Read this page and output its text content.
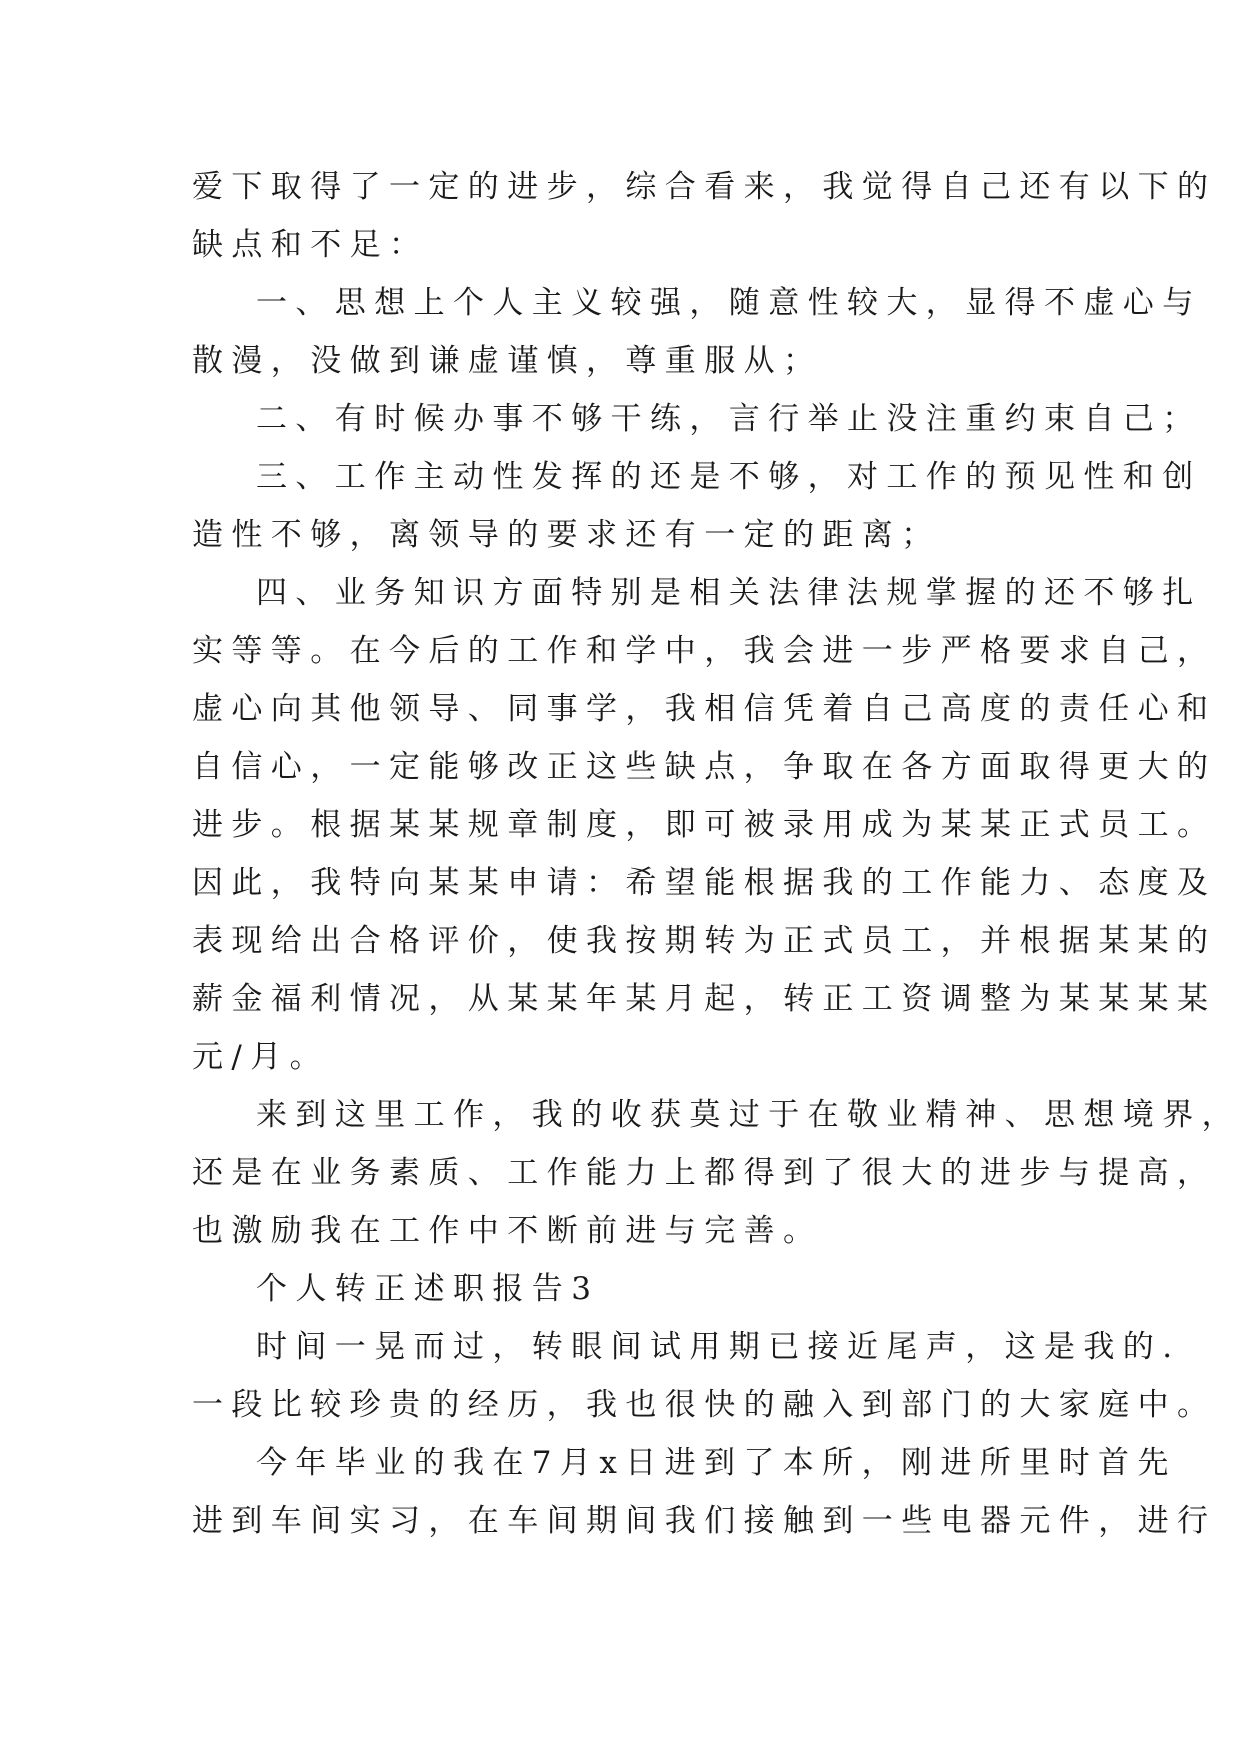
爱下取得了一定的进步，综合看来，我觉得自己还有以下的
缺点和不足：
一、思想上个人主义较强，随意性较大，显得不虚心与
散漫，没做到谦虚谨慎，尊重服从；
二、有时候办事不够干练，言行举止没注重约束自己；
三、工作主动性发挥的还是不够，对工作的预见性和创
造性不够，离领导的要求还有一定的距离；
四、业务知识方面特别是相关法律法规掌握的还不够扎
实等等。在今后的工作和学中，我会进一步严格要求自己，
虚心向其他领导、同事学，我相信凭着自己高度的责任心和
自信心，一定能够改正这些缺点，争取在各方面取得更大的
进步。根据某某规章制度，即可被录用成为某某正式员工。
因此，我特向某某申请：希望能根据我的工作能力、态度及
表现给出合格评价，使我按期转为正式员工，并根据某某的
薪金福利情况，从某某年某月起，转正工资调整为某某某某
元/月。
来到这里工作，我的收获莫过于在敬业精神、思想境界，
还是在业务素质、工作能力上都得到了很大的进步与提高，
也激励我在工作中不断前进与完善。
个人转正述职报告3
时间一晃而过，转眼间试用期已接近尾声，这是我的.
一段比较珍贵的经历，我也很快的融入到部门的大家庭中。
今年毕业的我在7月x日进到了本所，刚进所里时首先
进到车间实习，在车间期间我们接触到一些电器元件，进行
